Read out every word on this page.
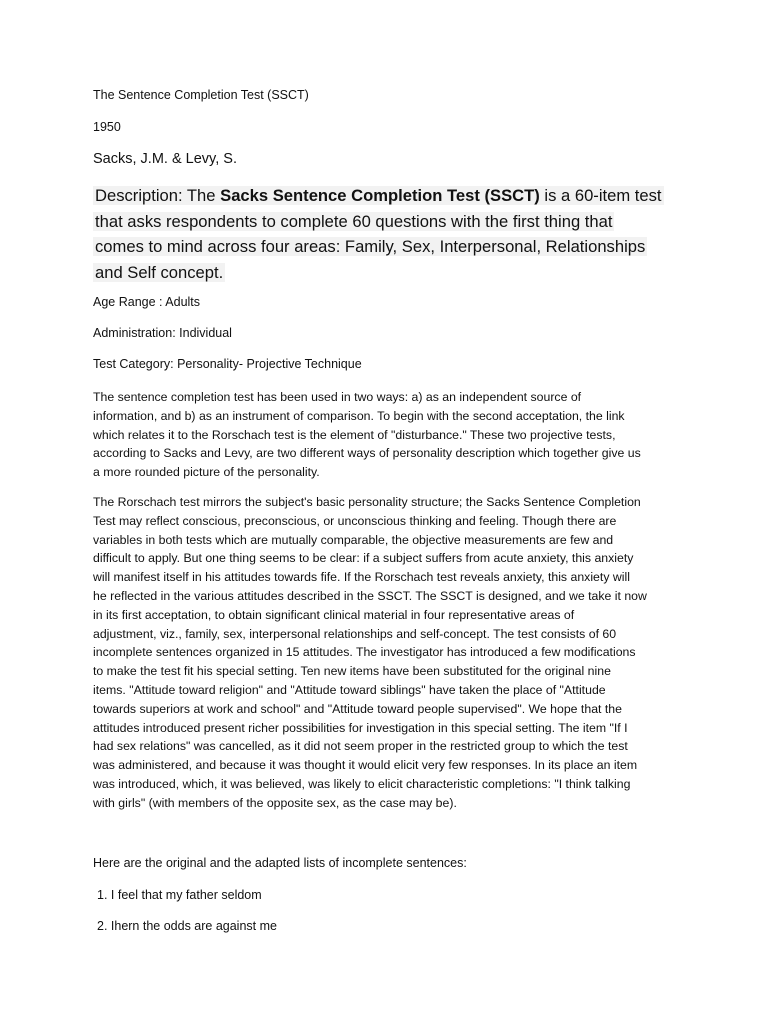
The Sentence Completion Test (SSCT)

1950

Sacks, J.M. & Levy, S.

Description: The Sacks Sentence Completion Test (SSCT) is a 60-item test
that asks respondents to complete 60 questions with the first thing that
comes to mind across four areas: Family, Sex, Interpersonal, Relationships
and Self concept.

Age Range : Adults

Administration: Individual

Test Category: Personality- Projective Technique

The sentence completion test has been used in two ways: a) as an independent source of
information, and b) as an instrument of comparison. To begin with the second acceptation, the link
which relates it to the Rorschach test is the element of "disturbance." These two projective tests,
according to Sacks and Levy, are two different ways of personality description which together give us
a more rounded picture of the personality.
The Rorschach test mirrors the subject's basic personality structure; the Sacks Sentence Completion
Test may reflect conscious, preconscious, or unconscious thinking and feeling. Though there are
variables in both tests which are mutually comparable, the objective measurements are few and
difficult to apply. But one thing seems to be clear: if a subject suffers from acute anxiety, this anxiety
will manifest itself in his attitudes towards fife. If the Rorschach test reveals anxiety, this anxiety will
he reflected in the various attitudes described in the SSCT. The SSCT is designed, and we take it now
in its first acceptation, to obtain significant clinical material in four representative areas of
adjustment, viz., family, sex, interpersonal relationships and self-concept. The test consists of 60
incomplete sentences organized in 15 attitudes. The investigator has introduced a few modifications
to make the test fit his special setting. Ten new items have been substituted for the original nine
items. "Attitude toward religion" and "Attitude toward siblings" have taken the place of "Attitude
towards superiors at work and school" and "Attitude toward people supervised". We hope that the
attitudes introduced present richer possibilities for investigation in this special setting. The item "If I
had sex relations" was cancelled, as it did not seem proper in the restricted group to which the test
was administered, and because it was thought it would elicit very few responses. In its place an item
was introduced, which, it was believed, was likely to elicit characteristic completions: "I think talking
with girls" (with members of the opposite sex, as the case may be).

Here are the original and the adapted lists of incomplete sentences:

1. I feel that my father seldom

2. Ihern the odds are against me
